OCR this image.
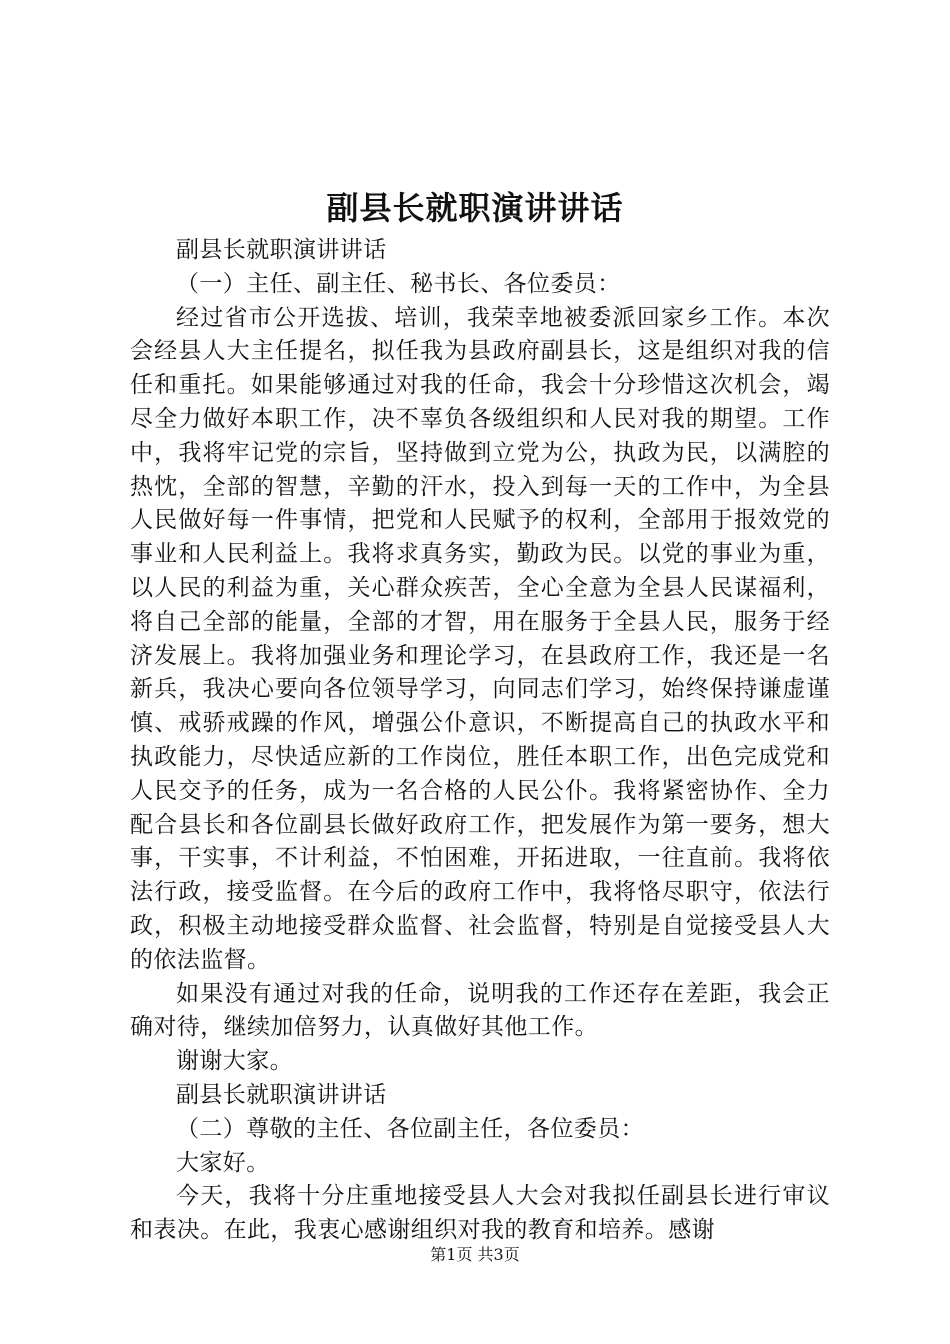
副县长就职演讲讲话

副县长就职演讲讲话

（一）主任、副主任、秘书长、各位委员：

经过省市公开选拔、培训，我荣幸地被委派回家乡工作。本次会经县人大主任提名，拟任我为县政府副县长，这是组织对我的信任和重托。如果能够通过对我的任命，我会十分珍惜这次机会，竭尽全力做好本职工作，决不辜负各级组织和人民对我的期望。工作中，我将牢记党的宗旨，坚持做到立党为公，执政为民，以满腔的热忱，全部的智慧，辛勤的汗水，投入到每一天的工作中，为全县人民做好每一件事情，把党和人民赋予的权利，全部用于报效党的事业和人民利益上。我将求真务实，勤政为民。以党的事业为重，以人民的利益为重，关心群众疾苦，全心全意为全县人民谋福利，将自己全部的能量，全部的才智，用在服务于全县人民，服务于经济发展上。我将加强业务和理论学习，在县政府工作，我还是一名新兵，我决心要向各位领导学习，向同志们学习，始终保持谦虚谨慎、戒骄戒躁的作风，增强公仆意识，不断提高自己的执政水平和执政能力，尽快适应新的工作岗位，胜任本职工作，出色完成党和人民交予的任务，成为一名合格的人民公仆。我将紧密协作、全力配合县长和各位副县长做好政府工作，把发展作为第一要务，想大事，干实事，不计利益，不怕困难，开拓进取，一往直前。我将依法行政，接受监督。在今后的政府工作中，我将恪尽职守，依法行政，积极主动地接受群众监督、社会监督，特别是自觉接受县人大的依法监督。

如果没有通过对我的任命，说明我的工作还存在差距，我会正确对待，继续加倍努力，认真做好其他工作。

谢谢大家。

副县长就职演讲讲话

（二）尊敬的主任、各位副主任，各位委员：

大家好。

今天，我将十分庄重地接受县人大会对我拟任副县长进行审议和表决。在此，我衷心感谢组织对我的教育和培养。感谢

第1页 共3页
